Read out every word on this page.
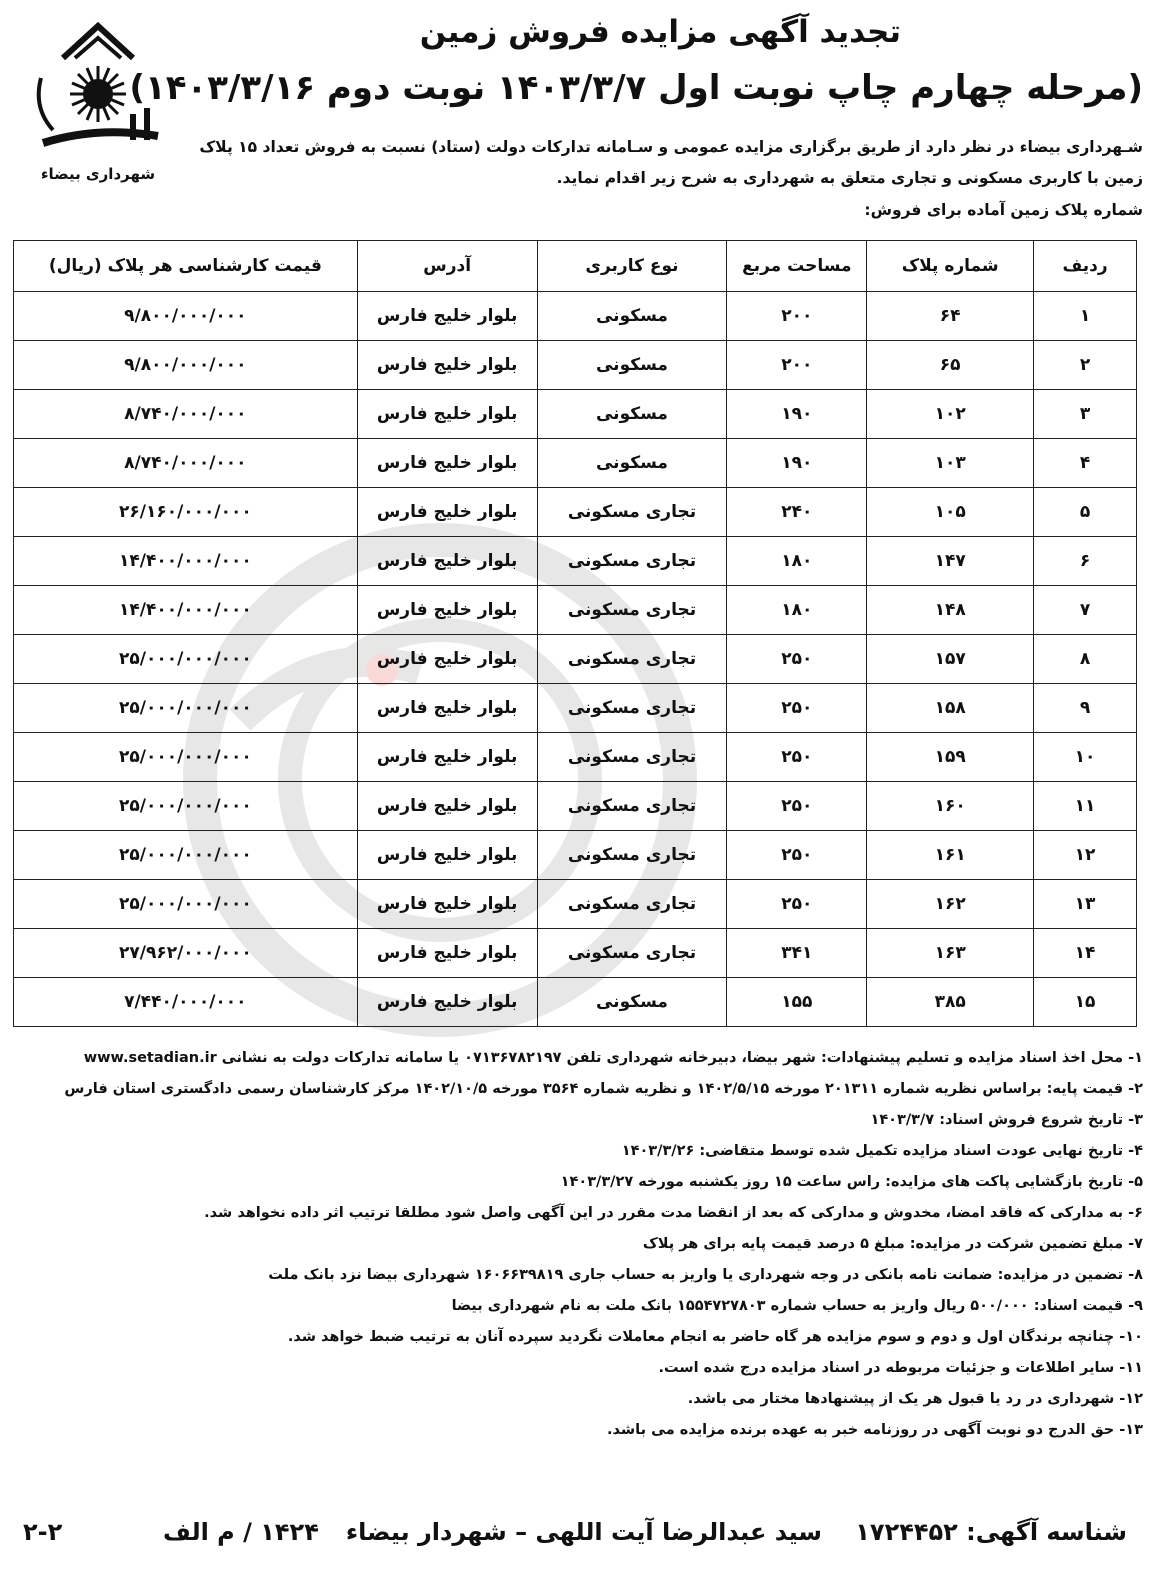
شهرداری بیضاء
تجدید آگهی مزایده فروش زمین
(مرحله چهارم چاپ نوبت اول ۱۴۰۳/۳/۷ نوبت دوم ۱۴۰۳/۳/۱۶)
شـهرداری بیضاء در نظر دارد از طریق برگزاری مزایده عمومی و سـامانه تدارکات دولت (ستاد) نسبت به فروش تعداد ۱۵ پلاک زمین با کاربری مسکونی و تجاری متعلق به شهرداری به شرح زیر اقدام نماید.
شماره پلاک زمین آماده برای فروش:
ردیف	شماره پلاک	مساحت مربع	نوع کاربری	آدرس	قیمت کارشناسی هر پلاک (ریال)
۱	۶۴	۲۰۰	مسکونی	بلوار خلیج فارس	۹/۸۰۰/۰۰۰/۰۰۰
۲	۶۵	۲۰۰	مسکونی	بلوار خلیج فارس	۹/۸۰۰/۰۰۰/۰۰۰
۳	۱۰۲	۱۹۰	مسکونی	بلوار خلیج فارس	۸/۷۴۰/۰۰۰/۰۰۰
۴	۱۰۳	۱۹۰	مسکونی	بلوار خلیج فارس	۸/۷۴۰/۰۰۰/۰۰۰
۵	۱۰۵	۲۴۰	تجاری مسکونی	بلوار خلیج فارس	۲۶/۱۶۰/۰۰۰/۰۰۰
۶	۱۴۷	۱۸۰	تجاری مسکونی	بلوار خلیج فارس	۱۴/۴۰۰/۰۰۰/۰۰۰
۷	۱۴۸	۱۸۰	تجاری مسکونی	بلوار خلیج فارس	۱۴/۴۰۰/۰۰۰/۰۰۰
۸	۱۵۷	۲۵۰	تجاری مسکونی	بلوار خلیج فارس	۲۵/۰۰۰/۰۰۰/۰۰۰
۹	۱۵۸	۲۵۰	تجاری مسکونی	بلوار خلیج فارس	۲۵/۰۰۰/۰۰۰/۰۰۰
۱۰	۱۵۹	۲۵۰	تجاری مسکونی	بلوار خلیج فارس	۲۵/۰۰۰/۰۰۰/۰۰۰
۱۱	۱۶۰	۲۵۰	تجاری مسکونی	بلوار خلیج فارس	۲۵/۰۰۰/۰۰۰/۰۰۰
۱۲	۱۶۱	۲۵۰	تجاری مسکونی	بلوار خلیج فارس	۲۵/۰۰۰/۰۰۰/۰۰۰
۱۳	۱۶۲	۲۵۰	تجاری مسکونی	بلوار خلیج فارس	۲۵/۰۰۰/۰۰۰/۰۰۰
۱۴	۱۶۳	۳۴۱	تجاری مسکونی	بلوار خلیج فارس	۲۷/۹۶۲/۰۰۰/۰۰۰
۱۵	۳۸۵	۱۵۵	مسکونی	بلوار خلیج فارس	۷/۴۴۰/۰۰۰/۰۰۰
۱- محل اخذ اسناد مزایده و تسلیم پیشنهادات: شهر بیضا، دبیرخانه شهرداری تلفن ۰۷۱۳۶۷۸۲۱۹۷ یا سامانه تدارکات دولت به نشانی www.setadian.ir
۲- قیمت پایه: براساس نظریه شماره ۲۰۱۳۱۱ مورخه ۱۴۰۲/۵/۱۵ و نظریه شماره ۳۵۶۴ مورخه ۱۴۰۲/۱۰/۵ مرکز کارشناسان رسمی دادگستری استان فارس
۳- تاریخ شروع فروش اسناد: ۱۴۰۳/۳/۷
۴- تاریخ نهایی عودت اسناد مزایده تکمیل شده توسط متقاضی: ۱۴۰۳/۳/۲۶
۵- تاریخ بازگشایی پاکت های مزایده: راس ساعت ۱۵ روز یکشنبه مورخه ۱۴۰۳/۳/۲۷
۶- به مدارکی که فاقد امضا، مخدوش و مدارکی که بعد از انقضا مدت مقرر در این آگهی واصل شود مطلقا ترتیب اثر داده نخواهد شد.
۷- مبلغ تضمین شرکت در مزایده: مبلغ ۵ درصد قیمت پایه برای هر پلاک
۸- تضمین در مزایده: ضمانت نامه بانکی در وجه شهرداری یا واریز به حساب جاری ۱۶۰۶۶۳۹۸۱۹ شهرداری بیضا نزد بانک ملت
۹- قیمت اسناد: ۵۰۰/۰۰۰ ریال واریز به حساب شماره ۱۵۵۴۷۲۷۸۰۳ بانک ملت به نام شهرداری بیضا
۱۰- چنانچه برندگان اول و دوم و سوم مزایده هر گاه حاضر به انجام معاملات نگردید سپرده آنان به ترتیب ضبط خواهد شد.
۱۱- سایر اطلاعات و جزئیات مربوطه در اسناد مزایده درج شده است.
۱۲- شهرداری در رد یا قبول هر یک از پیشنهادها مختار می باشد.
۱۳- حق الدرج دو نوبت آگهی در روزنامه خبر به عهده برنده مزایده می باشد.
شناسه آگهی: ۱۷۲۴۴۵۲
سید عبدالرضا آیت اللهی – شهردار بیضاء
۱۴۲۴ / م الف
۲-۲
